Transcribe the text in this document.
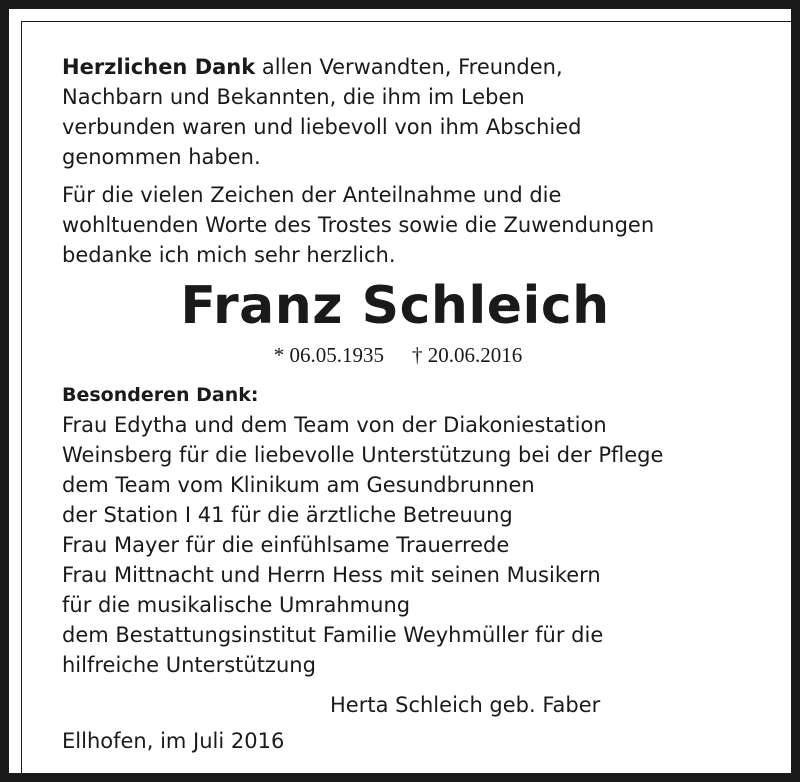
Herzlichen Dank allen Verwandten, Freunden,
Nachbarn und Bekannten, die ihm im Leben
verbunden waren und liebevoll von ihm Abschied
genommen haben.

Für die vielen Zeichen der Anteilnahme und die
wohltuenden Worte des Trostes sowie die Zuwendungen
bedanke ich mich sehr herzlich.

Franz Schleich
* 06.05.1935 † 20.06.2016
Besonderen Dank:
Frau Edytha und dem Team von der Diakoniestation
Weinsberg für die liebevolle Unterstützung bei der Pflege
dem Team vom Klinikum am Gesundbrunnen
der Station I 41 für die ärztliche Betreuung
Frau Mayer für die einfühlsame Trauerrede
Frau Mittnacht und Herrn Hess mit seinen Musikern
für die musikalische Umrahmung
dem Bestattungsinstitut Familie Weyhmüller für die
hilfreiche Unterstützung
Herta Schleich geb. Faber
Ellhofen, im Juli 2016
